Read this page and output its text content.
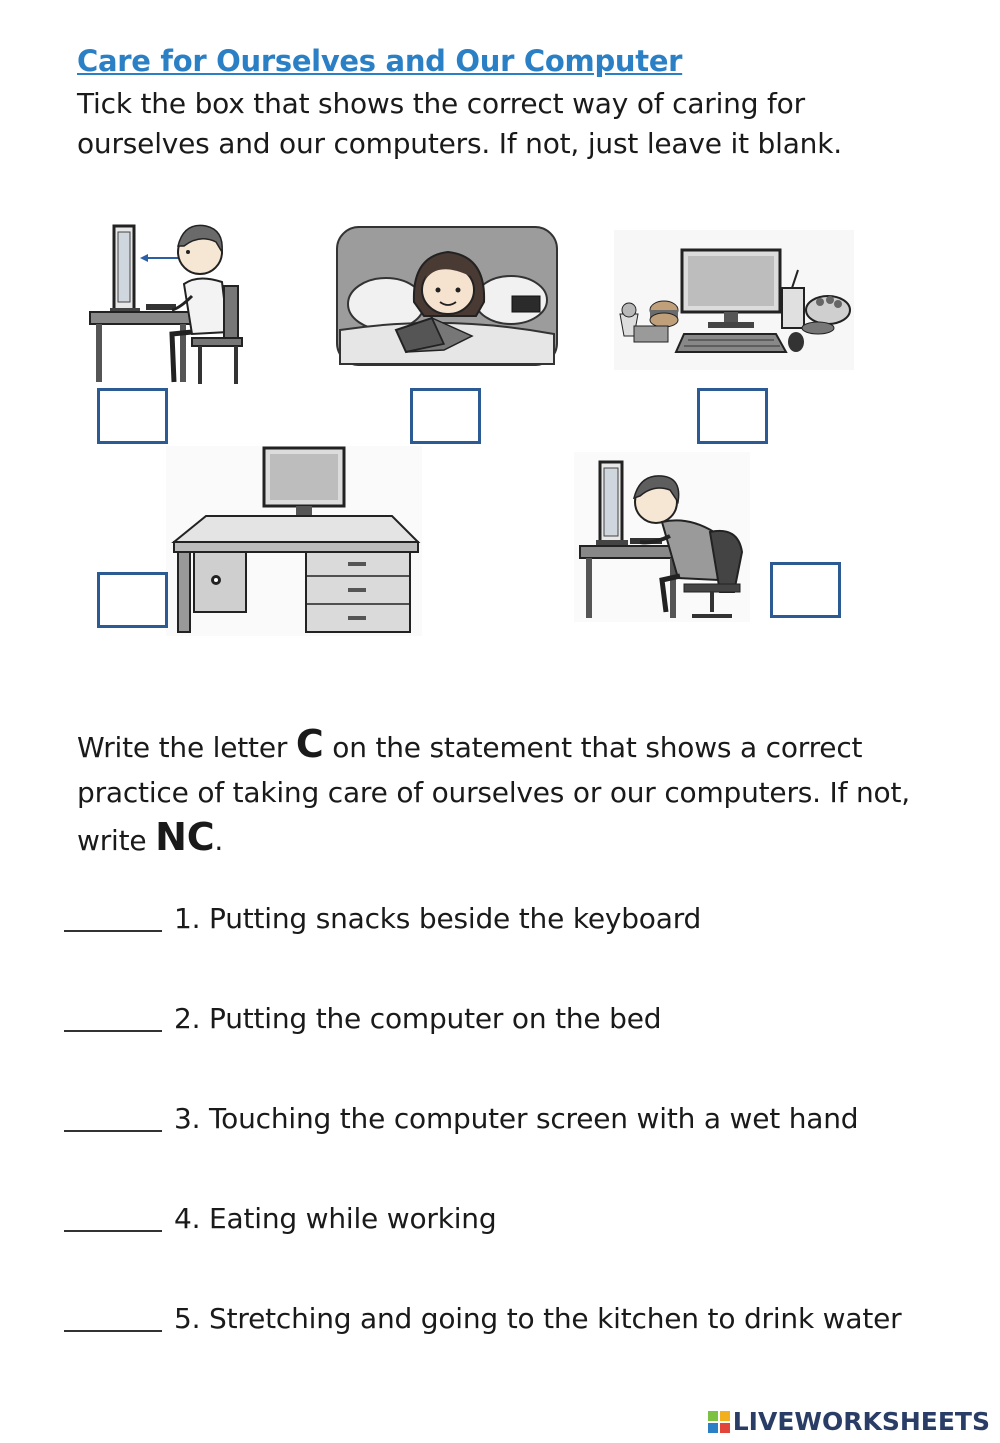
Care for Ourselves and Our Computer
Tick the box that shows the correct way of caring for ourselves and our computers. If not, just leave it blank.
Write the letter C on the statement that shows a correct practice of taking care of ourselves or our computers. If not, write NC.
1. Putting snacks beside the keyboard
2. Putting the computer on the bed
3. Touching the computer screen with a wet hand
4. Eating while working
5. Stretching and going to the kitchen to drink water
LIVEWORKSHEETS
